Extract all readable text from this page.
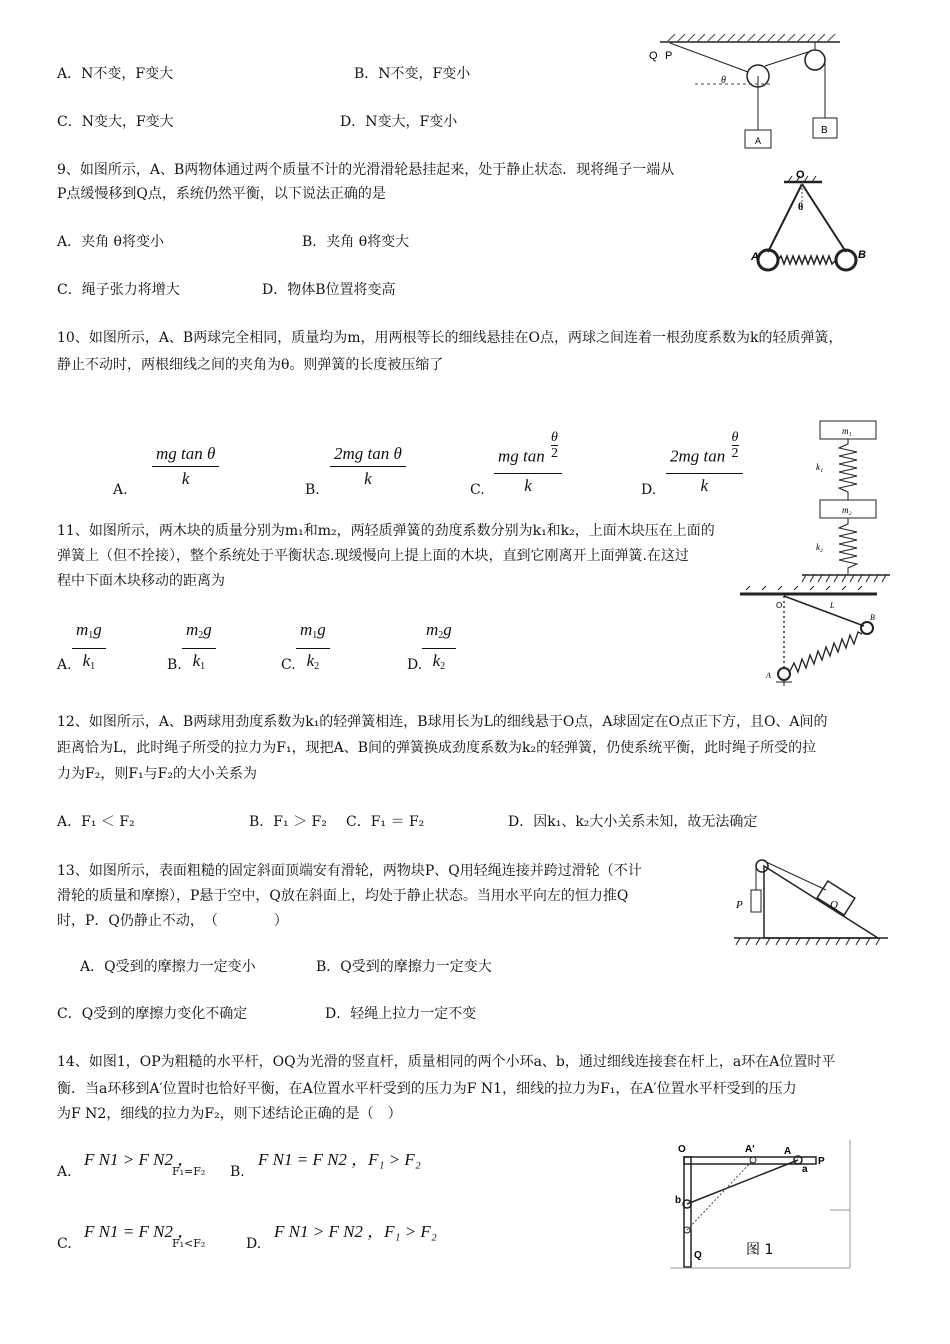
Q P
θ
A
B
A．N不变，F变大	B．N不变，F变小
C．N变大，F变大	D．N变大，F变小
9、如图所示，A、B两物体通过两个质量不计的光滑滑轮悬挂起来，处于静止状态．现将绳子一端从
P点缓慢移到Q点，系统仍然平衡，以下说法正确的是
A．夹角 θ将变小	B．夹角 θ将变大
C．绳子张力将增大	D．物体B位置将变高
O
θ
A	B
10、如图所示，A、B两球完全相同，质量均为m，用两根等长的细线悬挂在O点，两球之间连着一根劲度系数为k的轻质弹簧，
静止不动时，两根细线之间的夹角为θ。则弹簧的长度被压缩了
A. $\frac{\text{mg tan θ}}{k}$	B. $\frac{\text{2mg tan θ}}{k}$	C. $\frac{mg \tan \frac{\theta}{2}}{k}$	D. $\frac{2mg \tan \frac{\theta}{2}}{k}$	m₁
k₁
m₂
k₂
11、如图所示，两木块的质量分别为m₁和m₂，两轻质弹簧的劲度系数分别为k₁和k₂，上面木块压在上面的
弹簧上（但不拴接），整个系统处于平衡状态.现缓慢向上提上面的木块，直到它刚离开上面弹簧.在这过
程中下面木块移动的距离为
A. $\frac{m_1g}{k_1}$	B. $\frac{m_2g}{k_1}$	C. $\frac{m_1g}{k_2}$	D. $\frac{m_2g}{k_2}$
O	L
B
A
12、如图所示，A、B两球用劲度系数为k₁的轻弹簧相连，B球用长为L的细线悬于O点，A球固定在O点正下方，且O、A间的
距离恰为L，此时绳子所受的拉力为F₁，现把A、B间的弹簧换成劲度系数为k₂的轻弹簧，仍使系统平衡，此时绳子所受的拉
力为F₂，则F₁与F₂的大小关系为
A．F₁ ＜ F₂	B．F₁ ＞ F₂ C．F₁ ＝ F₂	D．因k₁、k₂大小关系未知，故无法确定
P	Q
13、如图所示，表面粗糙的固定斜面顶端安有滑轮，两物块P、Q用轻绳连接并跨过滑轮（不计
滑轮的质量和摩擦），P悬于空中，Q放在斜面上，均处于静止状态。当用水平向左的恒力推Q
时，P．Q仍静止不动，　（　　　　）
A．Q受到的摩擦力一定变小	B．Q受到的摩擦力一定变大
C．Q受到的摩擦力变化不确定	D．轻绳上拉力一定不变
14、如图1，OP为粗糙的水平杆，OQ为光滑的竖直杆，质量相同的两个小环a、b，通过细线连接套在杆上，a环在A位置时平
衡．当a环移到A′位置时也恰好平衡，在A位置水平杆受到的压力为F N1，细线的拉力为F₁，在A′位置水平杆受到的压力
为F N2，细线的拉力为F₂，则下述结论正确的是（　）
A.
F N1 > F N2 ，
F₁=F₂ B.
F N1 = F N2 ，F₁ > F₂
C.
F N1 = F N2 ，
F₁<F₂	D.
F N1 > F N2 ，F₁ > F₂
O	A′	A
P
b
a
Q	图 1
